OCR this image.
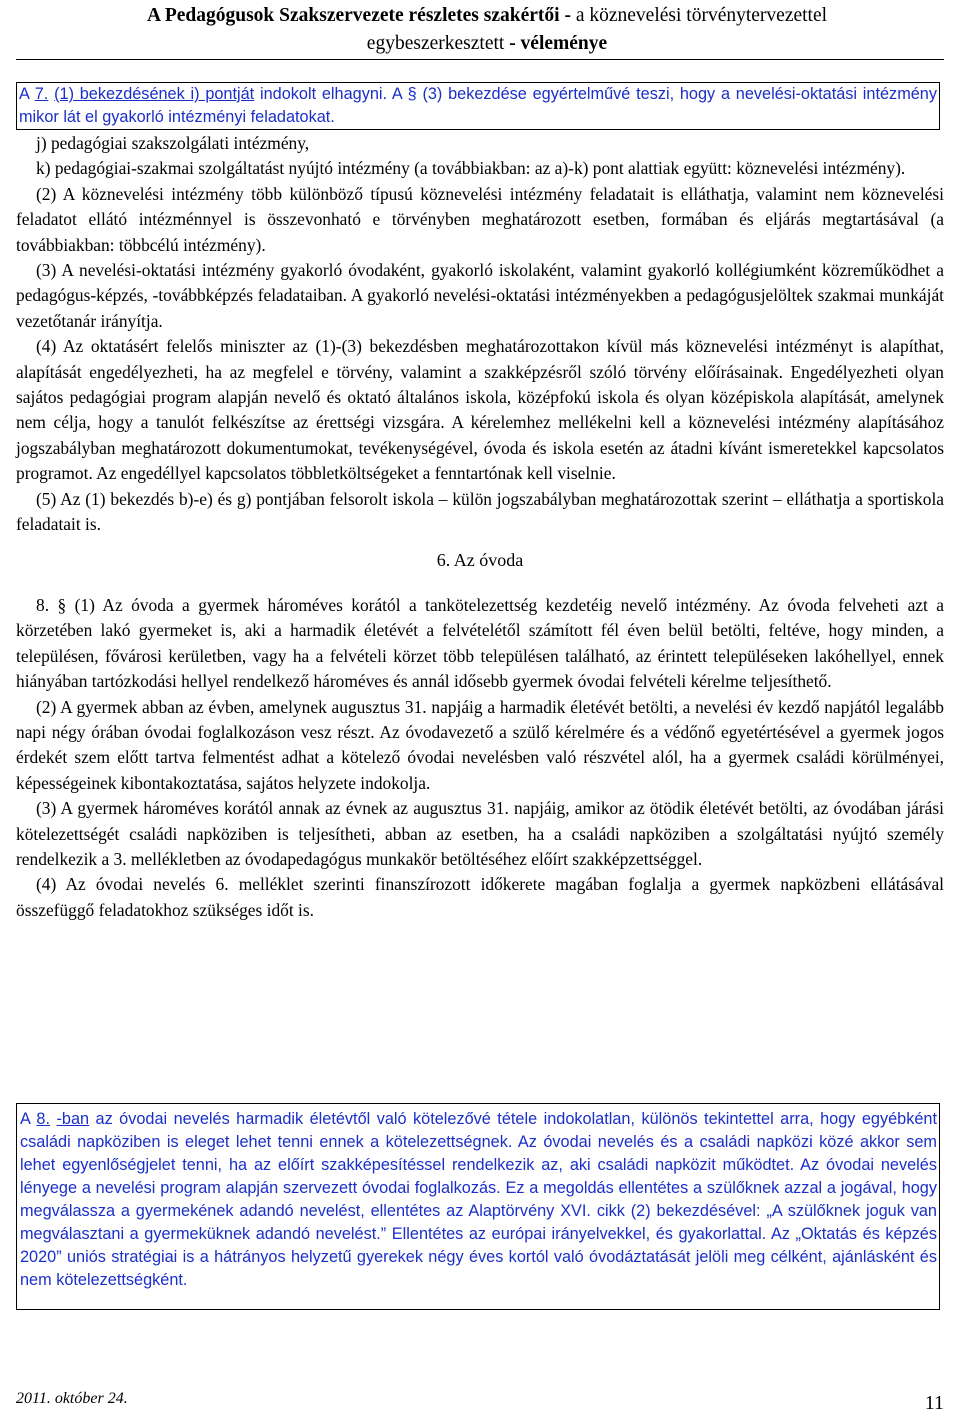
A Pedagógusok Szakszervezete részletes szakértői - a köznevelési törvénytervezettel
egybeszerkesztett - véleménye
A 7. (1) bekezdésének i) pontját indokolt elhagyni. A § (3) bekezdése egyértelművé teszi, hogy a nevelési-oktatási intézmény mikor lát el gyakorló intézményi feladatokat.

j) pedagógiai szakszolgálati intézmény,

k) pedagógiai-szakmai szolgáltatást nyújtó intézmény (a továbbiakban: az a)-k) pont alattiak együtt: köznevelési intézmény).

(2) A köznevelési intézmény több különböző típusú köznevelési intézmény feladatait is elláthatja, valamint nem köznevelési feladatot ellátó intézménnyel is összevonható e törvényben meghatározott esetben, formában és eljárás megtartásával (a továbbiakban: többcélú intézmény).

(3) A nevelési-oktatási intézmény gyakorló óvodaként, gyakorló iskolaként, valamint gyakorló kollégiumként közreműködhet a pedagógus-képzés, -továbbképzés feladataiban. A gyakorló nevelési-oktatási intézményekben a pedagógusjelöltek szakmai munkáját vezetőtanár irányítja.

(4) Az oktatásért felelős miniszter az (1)-(3) bekezdésben meghatározottakon kívül más köznevelési intézményt is alapíthat, alapítását engedélyezheti, ha az megfelel e törvény, valamint a szakképzésről szóló törvény előírásainak. Engedélyezheti olyan sajátos pedagógiai program alapján nevelő és oktató általános iskola, középfokú iskola és olyan középiskola alapítását, amelynek nem célja, hogy a tanulót felkészítse az érettségi vizsgára. A kérelemhez mellékelni kell a köznevelési intézmény alapításához jogszabályban meghatározott dokumentumokat, tevékenységével, óvoda és iskola esetén az átadni kívánt ismeretekkel kapcsolatos programot. Az engedéllyel kapcsolatos többletköltségeket a fenntartónak kell viselnie.

(5) Az (1) bekezdés b)-e) és g) pontjában felsorolt iskola – külön jogszabályban meghatározottak szerint – elláthatja a sportiskola feladatait is.

6. Az óvoda

8. § (1) Az óvoda a gyermek hároméves korától a tankötelezettség kezdetéig nevelő intézmény. Az óvoda felveheti azt a körzetében lakó gyermeket is, aki a harmadik életévét a felvételétől számított fél éven belül betölti, feltéve, hogy minden, a településen, fővárosi kerületben, vagy ha a felvételi körzet több településen található, az érintett településeken lakóhellyel, ennek hiányában tartózkodási hellyel rendelkező hároméves és annál idősebb gyermek óvodai felvételi kérelme teljesíthető.

(2) A gyermek abban az évben, amelynek augusztus 31. napjáig a harmadik életévét betölti, a nevelési év kezdő napjától legalább napi négy órában óvodai foglalkozáson vesz részt. Az óvodavezető a szülő kérelmére és a védőnő egyetértésével a gyermek jogos érdekét szem előtt tartva felmentést adhat a kötelező óvodai nevelésben való részvétel alól, ha a gyermek családi körülményei, képességeinek kibontakoztatása, sajátos helyzete indokolja.

(3) A gyermek hároméves korától annak az évnek az augusztus 31. napjáig, amikor az ötödik életévét betölti, az óvodában járási kötelezettségét családi napköziben is teljesítheti, abban az esetben, ha a családi napköziben a szolgáltatási nyújtó személy rendelkezik a 3. mellékletben az óvodapedagógus munkakör betöltéséhez előírt szakképzettséggel.

(4) Az óvodai nevelés 6. melléklet szerinti finanszírozott időkerete magában foglalja a gyermek napközbeni ellátásával összefüggő feladatokhoz szükséges időt is.

A 8. -ban az óvodai nevelés harmadik életévtől való kötelezővé tétele indokolatlan, különös tekintettel arra, hogy egyébként családi napköziben is eleget lehet tenni ennek a kötelezettségnek. Az óvodai nevelés és a családi napközi közé akkor sem lehet egyenlőségjelet tenni, ha az előírt szakképesítéssel rendelkezik az, aki családi napközit működtet. Az óvodai nevelés lényege a nevelési program alapján szervezett óvodai foglalkozás. Ez a megoldás ellentétes a szülőknek azzal a jogával, hogy megválassza a gyermekének adandó nevelést, ellentétes az Alaptörvény XVI. cikk (2) bekezdésével: „A szülőknek joguk van megválasztani a gyermeküknek adandó nevelést.” Ellentétes az európai irányelvekkel, és gyakorlattal. Az „Oktatás és képzés 2020” uniós stratégiai is a hátrányos helyzetű gyerekek négy éves kortól való óvodáztatását jelöli meg célként, ajánlásként és nem kötelezettségként.
2011. október 24.	11
